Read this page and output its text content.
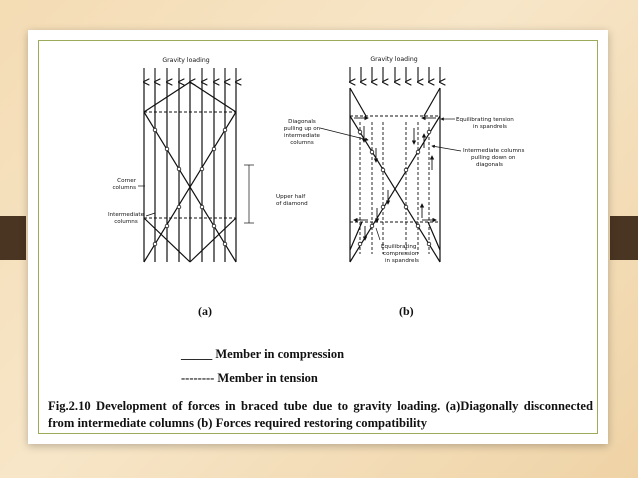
Gravity loading
Upper half
of diamond
Diagonals
pulling up on
intermediate
columns
Corner
columns
Intermediate
columns
Gravity loading
Equilibrating tension
in spandrels
Intermediate columns
pulling down on
diagonals
Equilibrating
compression
in spandrels
(a)	(b)
_____ Member in compression
-------- Member in tension
Fig.2.10 Development of forces in braced tube due to gravity loading. (a)Diagonally disconnected from intermediate columns (b) Forces required restoring compatibility
